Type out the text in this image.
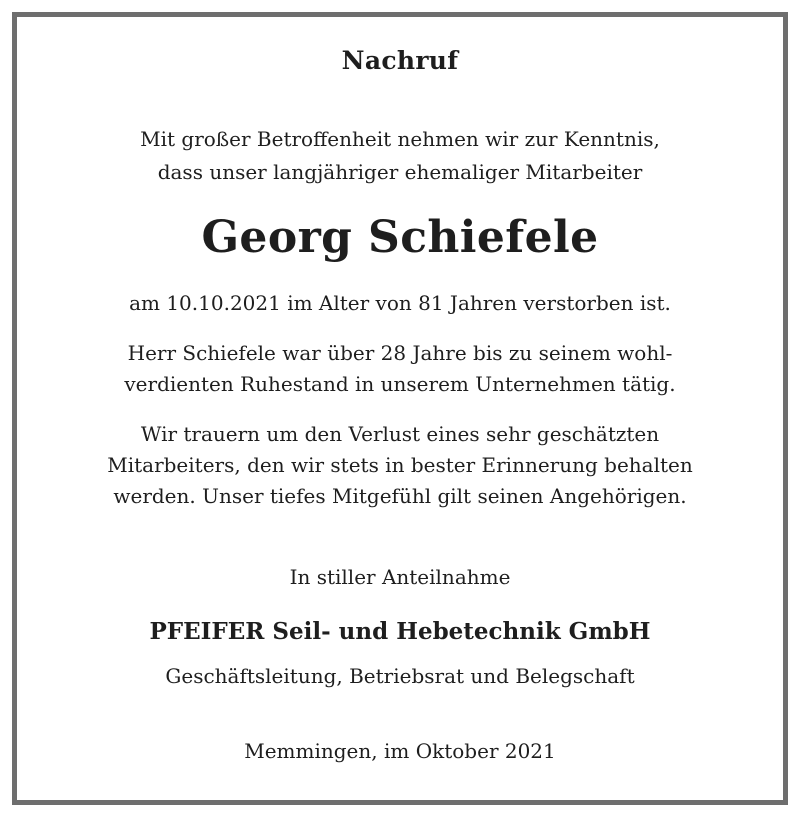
Nachruf
Mit großer Betroffenheit nehmen wir zur Kenntnis,
dass unser langjähriger ehemaliger Mitarbeiter
Georg Schiefele
am 10.10.2021 im Alter von 81 Jahren verstorben ist.
Herr Schiefele war über 28 Jahre bis zu seinem wohl-
verdienten Ruhestand in unserem Unternehmen tätig.
Wir trauern um den Verlust eines sehr geschätzten
Mitarbeiters, den wir stets in bester Erinnerung behalten
werden. Unser tiefes Mitgefühl gilt seinen Angehörigen.
In stiller Anteilnahme
PFEIFER Seil- und Hebetechnik GmbH
Geschäftsleitung, Betriebsrat und Belegschaft
Memmingen, im Oktober 2021
